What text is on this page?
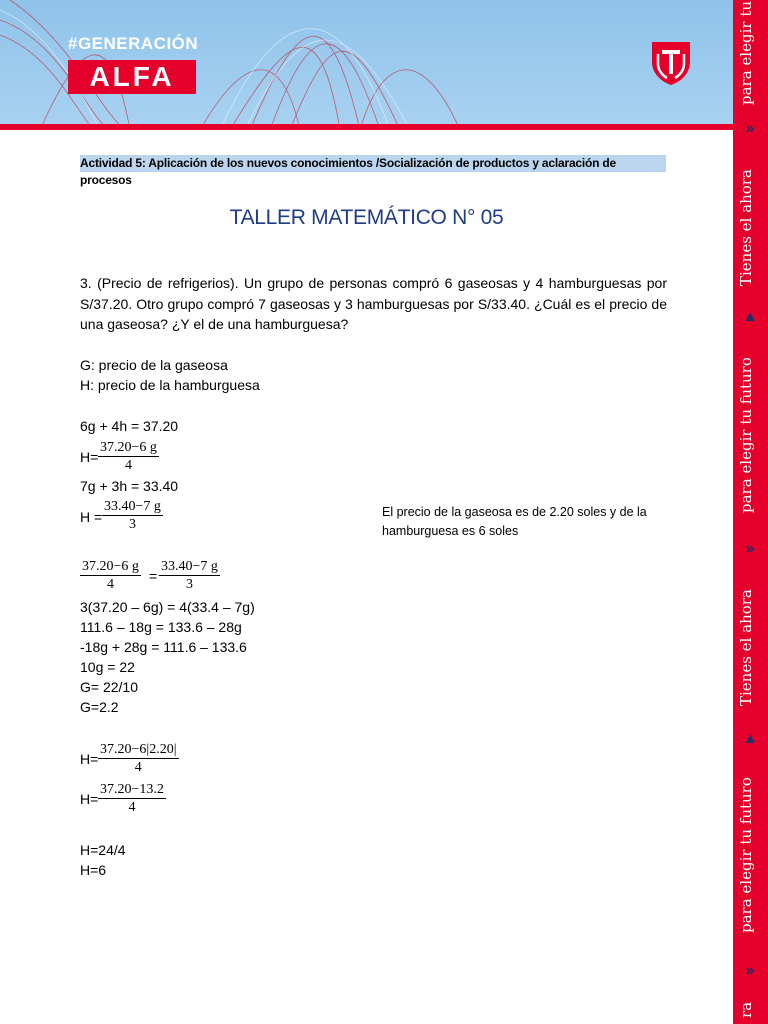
#GENERACIÓN
ALFA	para elegir tu
»
Tienes el ahora
▲
para elegir tu futuro
»
Tienes el ahora
▲
para elegir tu futuro
»
ra
Actividad 5: Aplicación de los nuevos conocimientos /Socialización de productos y aclaración de procesos
TALLER MATEMÁTICO N° 05
3. (Precio de refrigerios). Un grupo de personas compró 6 gaseosas y 4 hamburguesas por S/37.20. Otro grupo compró 7 gaseosas y 3 hamburguesas por S/33.40. ¿Cuál es el precio de una gaseosa? ¿Y el de una hamburguesa?
G: precio de la gaseosa
H: precio de la hamburguesa
6g + 4h = 37.20
$H= \frac{37.20-6 g}{4}$
7g + 3h = 33.40
$H = \frac{33.40-7 g}{3}$
$\frac{37.20-6 g}{4} = \frac{33.40-7 g}{3}$
3(37.20 – 6g) = 4(33.4 – 7g)
111.6 – 18g = 133.6 – 28g
-18g + 28g = 111.6 – 133.6
10g = 22
G= 22/10
G=2.2
$H= \frac{37.20-6|2.20|}{4}$
$H= \frac{37.20-13.2}{4}$
H=24/4
H=6
El precio de la gaseosa es de 2.20 soles y de la hamburguesa es 6 soles
